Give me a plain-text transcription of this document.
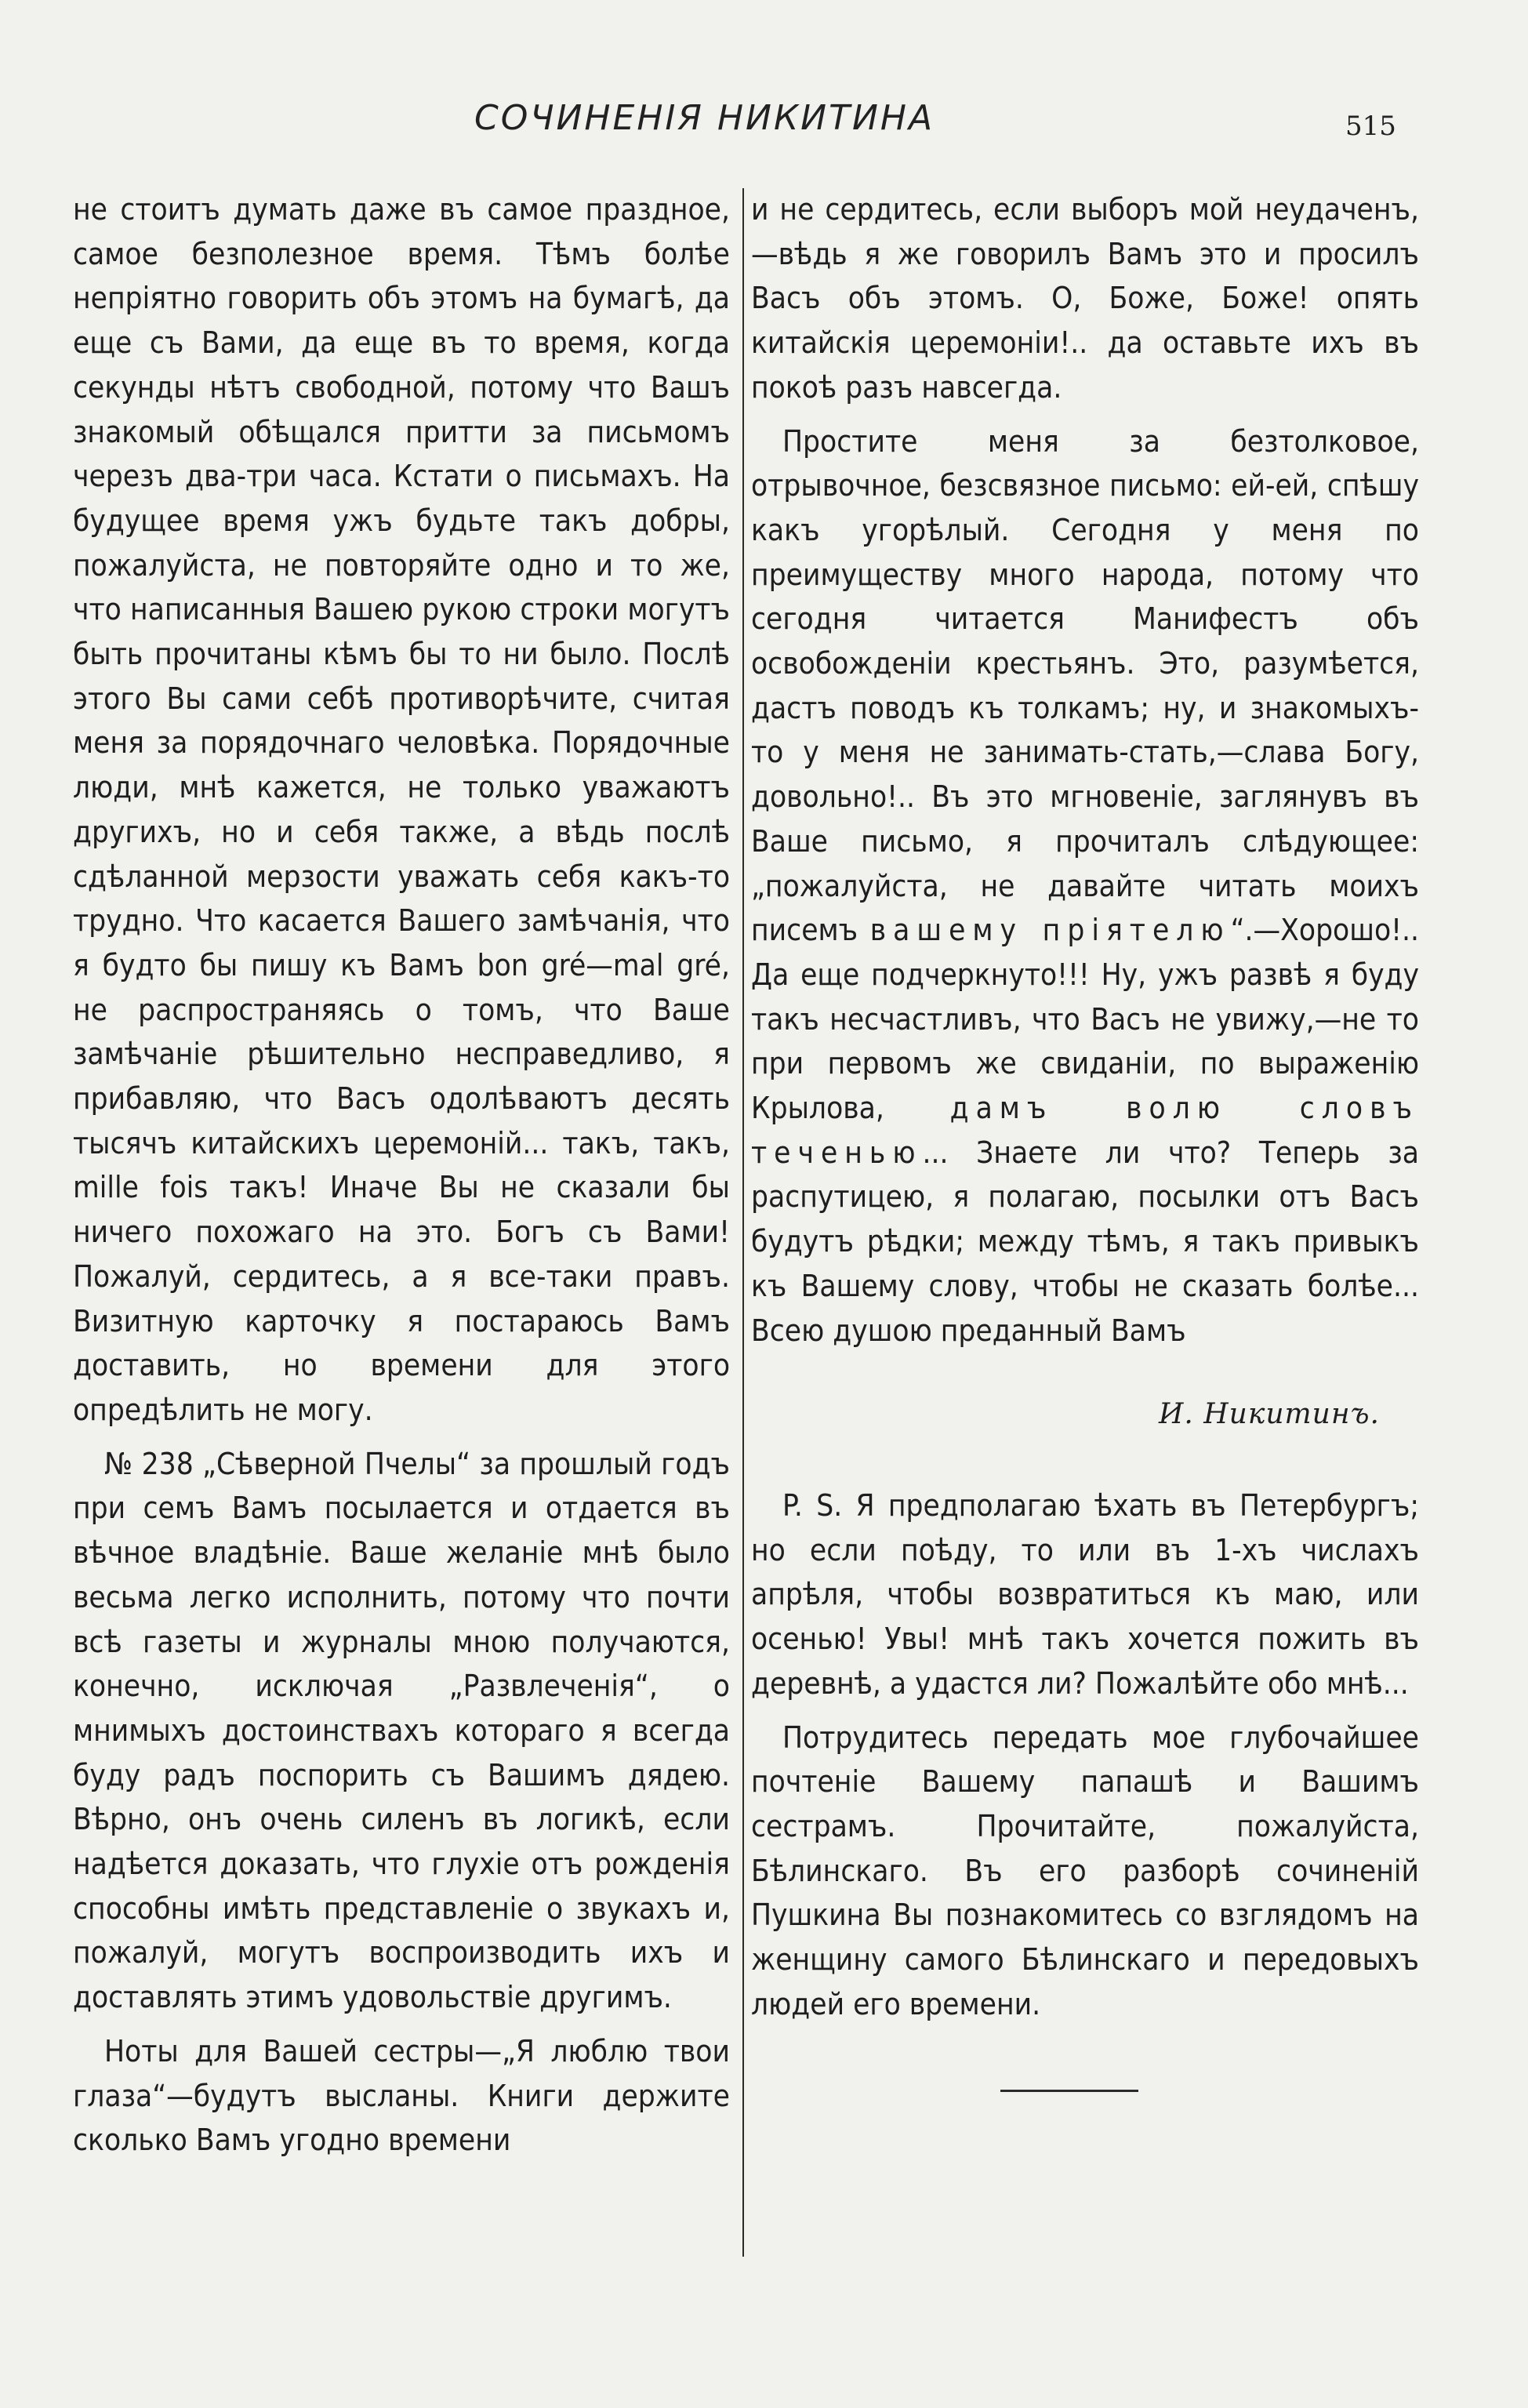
СОЧИНЕНІЯ НИКИТИНА	515

не стоитъ думать даже въ самое праздное, самое безполезное время. Тѣмъ болѣе непріятно говорить объ этомъ на бумагѣ, да еще съ Вами, да еще въ то время, когда секунды нѣтъ свободной, потому что Вашъ знакомый обѣщался притти за письмомъ черезъ два-три часа. Кстати о письмахъ. На будущее время ужъ будьте такъ добры, пожалуйста, не повторяйте одно и то же, что написанныя Вашею рукою строки могутъ быть прочитаны кѣмъ бы то ни было. Послѣ этого Вы сами себѣ противорѣчите, считая меня за порядочнаго человѣка. Порядочные люди, мнѣ кажется, не только уважаютъ другихъ, но и себя также, а вѣдь послѣ сдѣланной мерзости уважать себя какъ-то трудно. Что касается Вашего замѣчанія, что я будто бы пишу къ Вамъ bon gré—mal gré, не распространяясь о томъ, что Ваше замѣчаніе рѣшительно несправедливо, я прибавляю, что Васъ одолѣваютъ десять тысячъ китайскихъ церемоній... такъ, такъ, mille fois такъ! Иначе Вы не сказали бы ничего похожаго на это. Богъ съ Вами! Пожалуй, сердитесь, а я все-таки правъ. Визитную карточку я постараюсь Вамъ доставить, но времени для этого опредѣлить не могу.

№ 238 „Сѣверной Пчелы“ за прошлый годъ при семъ Вамъ посылается и отдается въ вѣчное владѣніе. Ваше желаніе мнѣ было весьма легко исполнить, потому что почти всѣ газеты и журналы мною получаются, конечно, исключая „Развлеченія“, о мнимыхъ достоинствахъ котораго я всегда буду радъ поспорить съ Вашимъ дядею. Вѣрно, онъ очень силенъ въ логикѣ, если надѣется доказать, что глухіе отъ рожденія способны имѣть представленіе о звукахъ и, пожалуй, могутъ воспроизводить ихъ и доставлять этимъ удовольствіе другимъ.

Ноты для Вашей сестры—„Я люблю твои глаза“—будутъ высланы. Книги держите сколько Вамъ угодно времени

и не сердитесь, если выборъ мой неудаченъ,—вѣдь я же говорилъ Вамъ это и просилъ Васъ объ этомъ. О, Боже, Боже! опять китайскія церемоніи!.. да оставьте ихъ въ покоѣ разъ навсегда.

Простите меня за безтолковое, отрывочное, безсвязное письмо: ей-ей, спѣшу какъ угорѣлый. Сегодня у меня по преимуществу много народа, потому что сегодня читается Манифестъ объ освобожденіи крестьянъ. Это, разумѣется, дастъ поводъ къ толкамъ; ну, и знакомыхъ-то у меня не занимать-стать,—слава Богу, довольно!.. Въ это мгновеніе, заглянувъ въ Ваше письмо, я прочиталъ слѣдующее: „пожалуйста, не давайте читать моихъ писемъ вашему пріятелю“.—Хорошо!.. Да еще подчеркнуто!!! Ну, ужъ развѣ я буду такъ несчастливъ, что Васъ не увижу,—не то при первомъ же свиданіи, по выраженію Крылова, дамъ волю словъ теченью... Знаете ли что? Теперь за распутицею, я полагаю, посылки отъ Васъ будутъ рѣдки; между тѣмъ, я такъ привыкъ къ Вашему слову, чтобы не сказать болѣе... Всею душою преданный Вамъ

И. Никитинъ.

P. S. Я предполагаю ѣхать въ Петербургъ; но если поѣду, то или въ 1-хъ числахъ апрѣля, чтобы возвратиться къ маю, или осенью! Увы! мнѣ такъ хочется пожить въ деревнѣ, а удастся ли? Пожалѣйте обо мнѣ...

Потрудитесь передать мое глубочайшее почтеніе Вашему папашѣ и Вашимъ сестрамъ. Прочитайте, пожалуйста, Бѣлинскаго. Въ его разборѣ сочиненій Пушкина Вы познакомитесь со взглядомъ на женщину самого Бѣлинскаго и передовыхъ людей его времени.
